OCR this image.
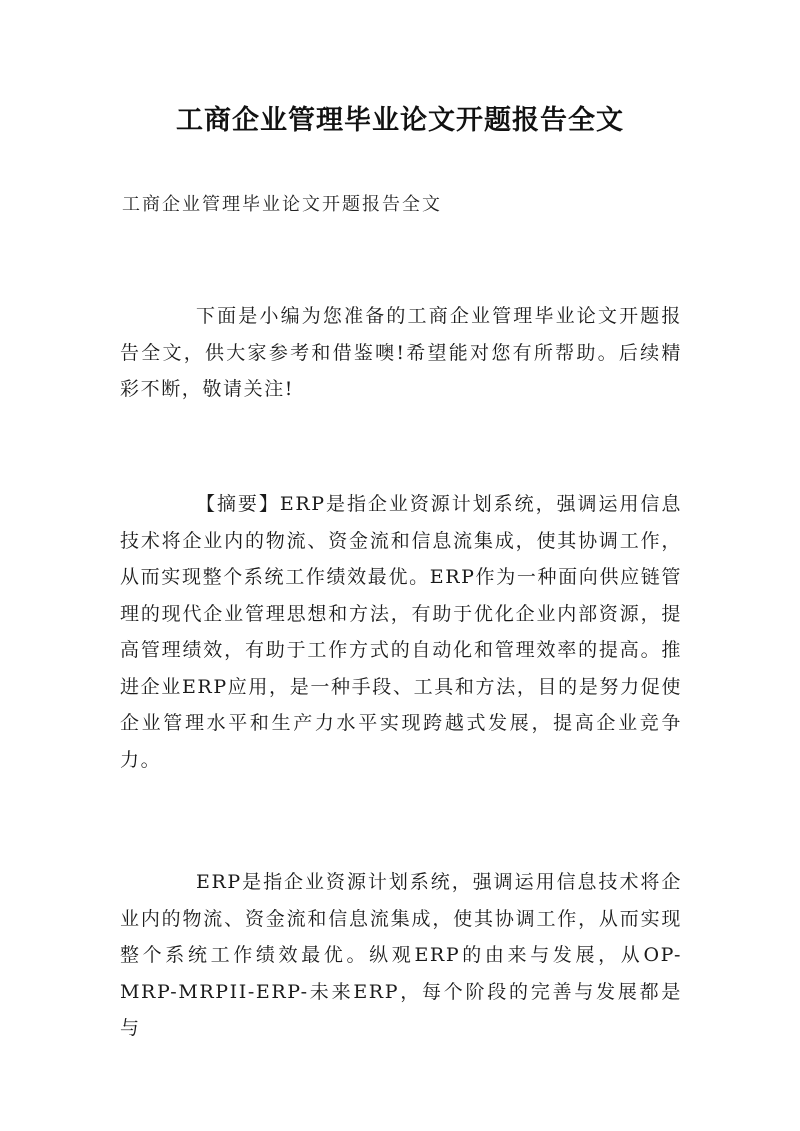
工商企业管理毕业论文开题报告全文
工商企业管理毕业论文开题报告全文

下面是小编为您准备的工商企业管理毕业论文开题报告全文，供大家参考和借鉴噢!希望能对您有所帮助。后续精彩不断，敬请关注!

【摘要】ERP是指企业资源计划系统，强调运用信息技术将企业内的物流、资金流和信息流集成，使其协调工作，从而实现整个系统工作绩效最优。ERP作为一种面向供应链管理的现代企业管理思想和方法，有助于优化企业内部资源，提高管理绩效，有助于工作方式的自动化和管理效率的提高。推进企业ERP应用，是一种手段、工具和方法，目的是努力促使企业管理水平和生产力水平实现跨越式发展，提高企业竞争力。

ERP是指企业资源计划系统，强调运用信息技术将企业内的物流、资金流和信息流集成，使其协调工作，从而实现整个系统工作绩效最优。纵观ERP的由来与发展，从OP-MRP-MRPII-ERP-未来ERP，每个阶段的完善与发展都是与
